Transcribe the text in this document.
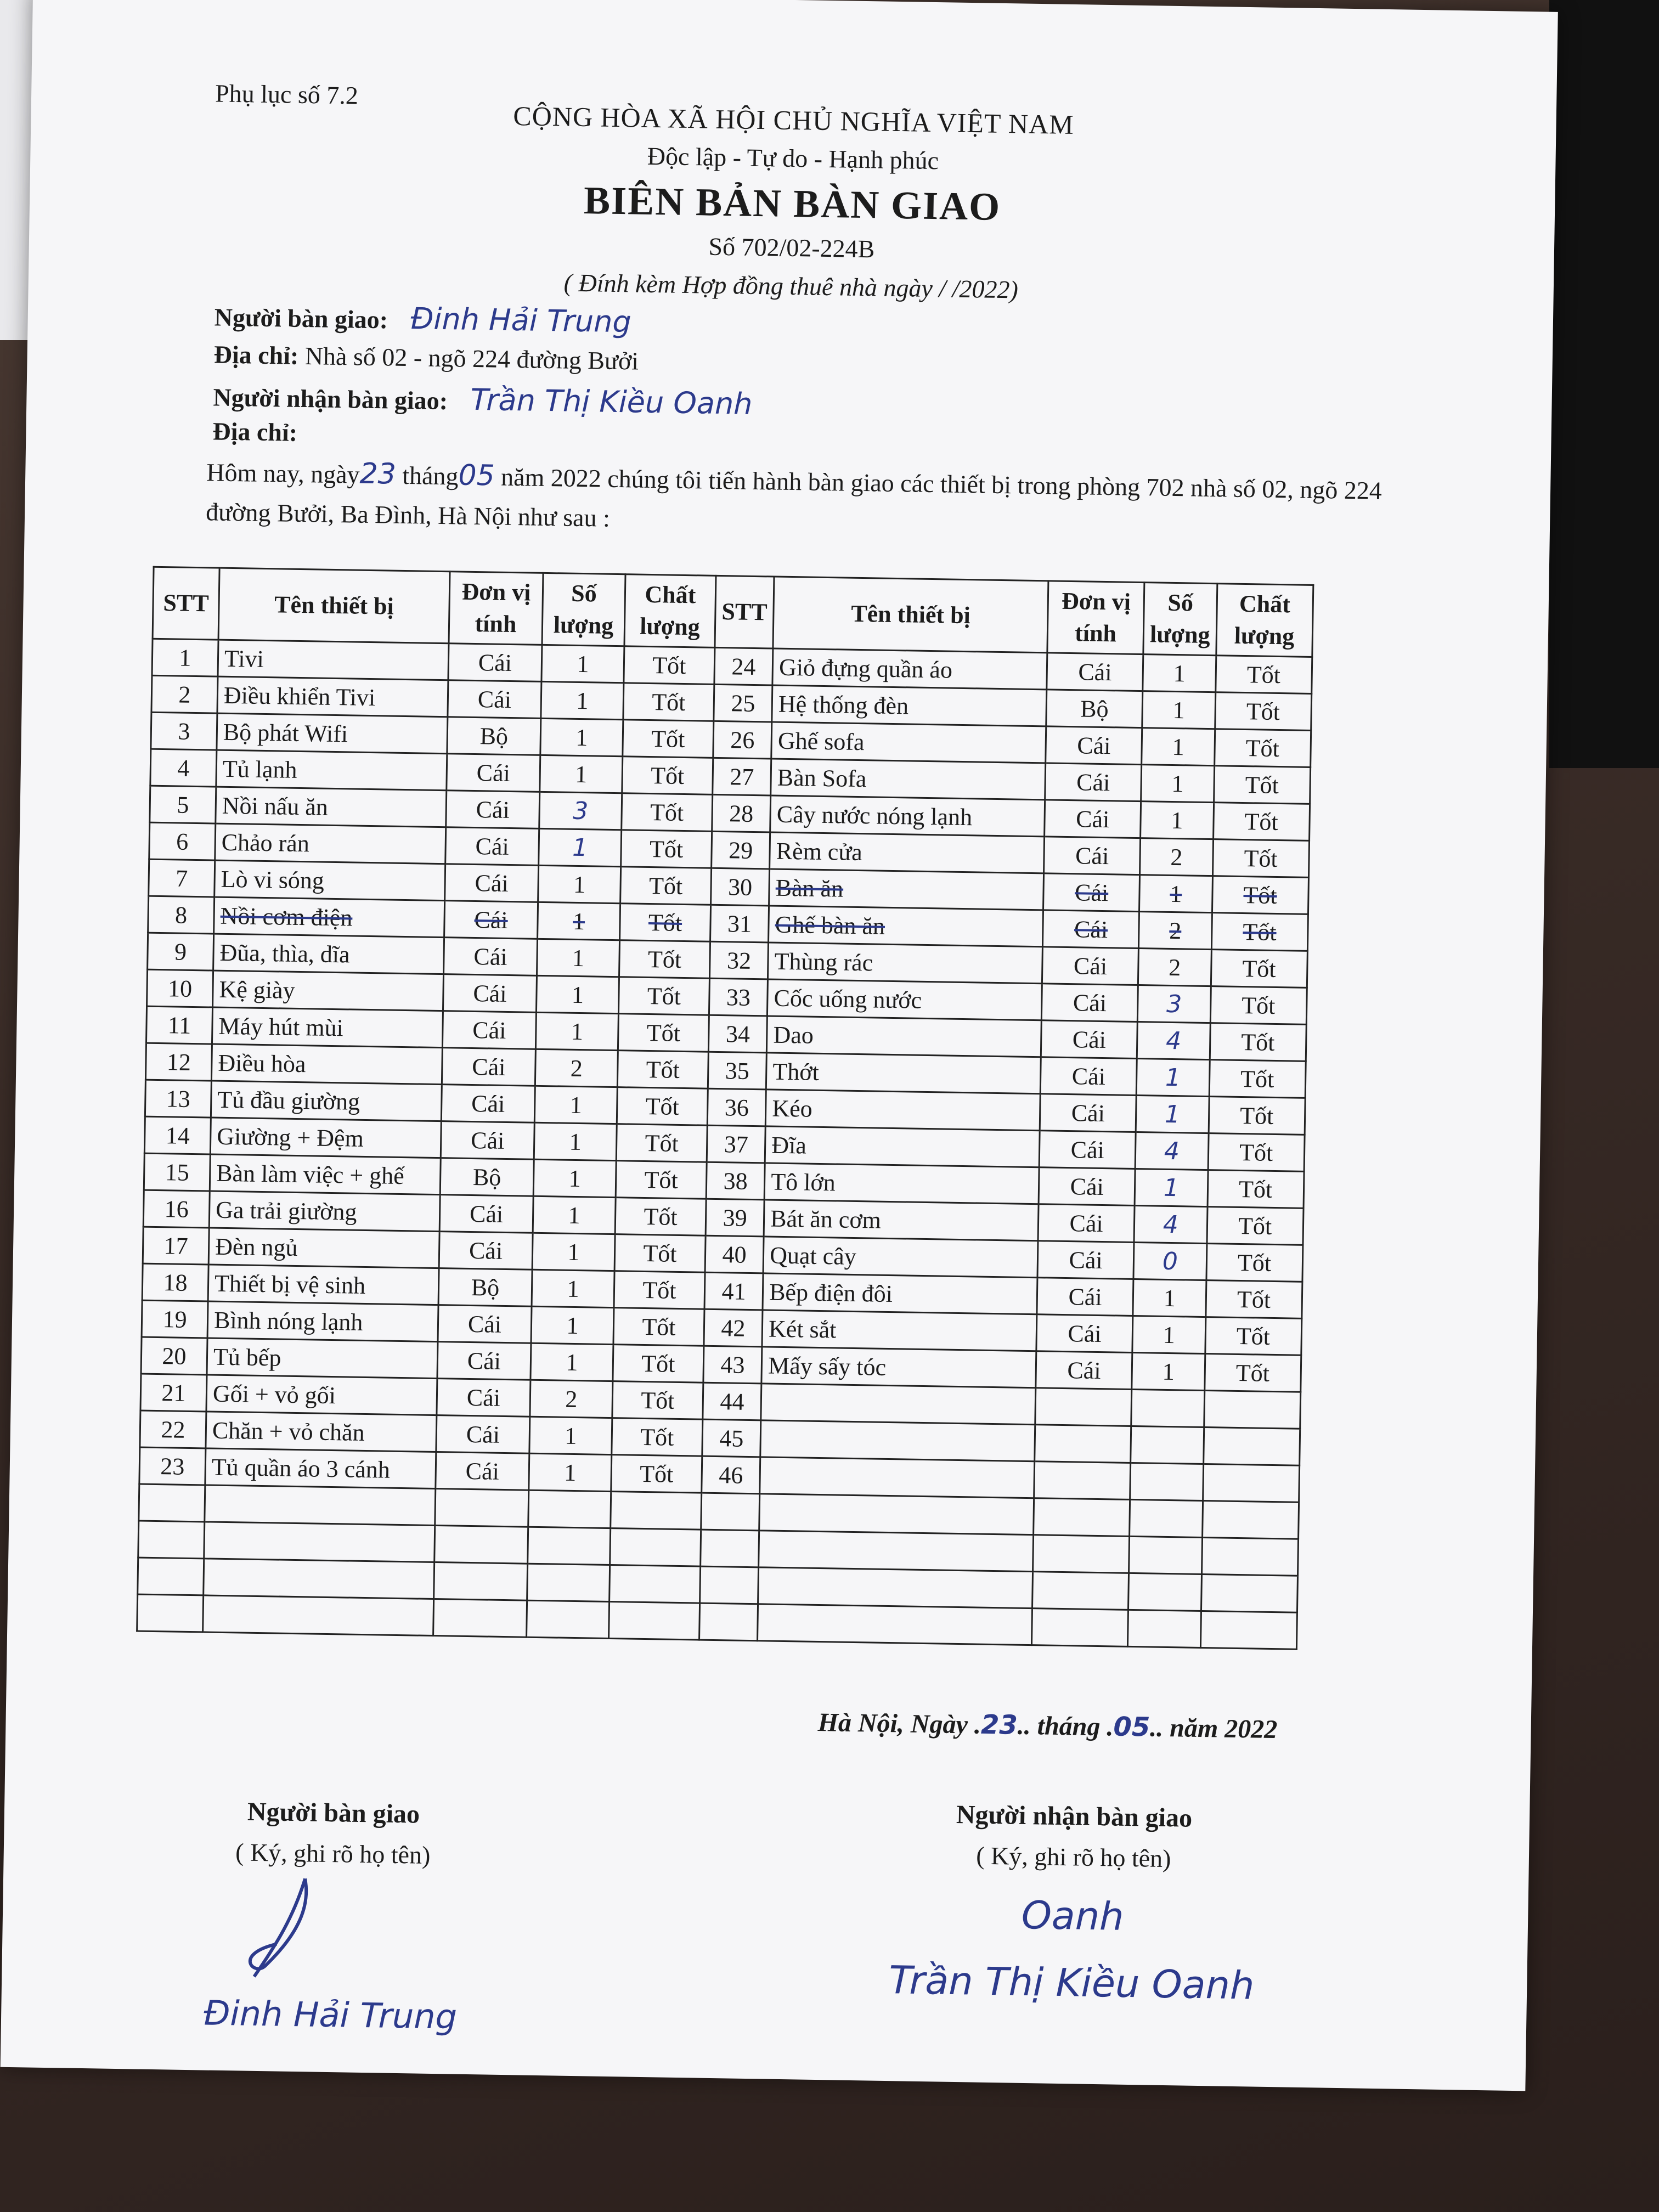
Phụ lục số 7.2
CỘNG HÒA XÃ HỘI CHỦ NGHĨA VIỆT NAM
Độc lập - Tự do - Hạnh phúc
BIÊN BẢN BÀN GIAO
Số 702/02-224B
( Đính kèm Hợp đồng thuê nhà ngày / /2022)
Người bàn giao: Đinh Hải Trung
Địa chỉ: Nhà số 02 - ngõ 224 đường Bưởi
Người nhận bàn giao: Trần Thị Kiều Oanh
Địa chỉ:
Hôm nay, ngày23 tháng05 năm 2022 chúng tôi tiến hành bàn giao các thiết bị trong phòng 702 nhà số 02, ngõ 224 đường Bưởi, Ba Đình, Hà Nội như sau :
STT	Tên thiết bị	Đơn vị tính	Số lượng	Chất lượng	STT	Tên thiết bị	Đơn vị tính	Số lượng	Chất lượng
1	Tivi	Cái	1	Tốt	24	Giỏ đựng quần áo	Cái	1	Tốt
2	Điều khiển Tivi	Cái	1	Tốt	25	Hệ thống đèn	Bộ	1	Tốt
3	Bộ phát Wifi	Bộ	1	Tốt	26	Ghế sofa	Cái	1	Tốt
4	Tủ lạnh	Cái	1	Tốt	27	Bàn Sofa	Cái	1	Tốt
5	Nồi nấu ăn	Cái	3	Tốt	28	Cây nước nóng lạnh	Cái	1	Tốt
6	Chảo rán	Cái	1	Tốt	29	Rèm cửa	Cái	2	Tốt
7	Lò vi sóng	Cái	1	Tốt	30	Bàn ăn	Cái	1	Tốt
8	Nồi cơm điện	Cái	1	Tốt	31	Ghế bàn ăn	Cái	2	Tốt
9	Đũa, thìa, dĩa	Cái	1	Tốt	32	Thùng rác	Cái	2	Tốt
10	Kệ giày	Cái	1	Tốt	33	Cốc uống nước	Cái	3	Tốt
11	Máy hút mùi	Cái	1	Tốt	34	Dao	Cái	4	Tốt
12	Điều hòa	Cái	2	Tốt	35	Thớt	Cái	1	Tốt
13	Tủ đầu giường	Cái	1	Tốt	36	Kéo	Cái	1	Tốt
14	Giường + Đệm	Cái	1	Tốt	37	Đĩa	Cái	4	Tốt
15	Bàn làm việc + ghế	Bộ	1	Tốt	38	Tô lớn	Cái	1	Tốt
16	Ga trải giường	Cái	1	Tốt	39	Bát ăn cơm	Cái	4	Tốt
17	Đèn ngủ	Cái	1	Tốt	40	Quạt cây	Cái	0	Tốt
18	Thiết bị vệ sinh	Bộ	1	Tốt	41	Bếp điện đôi	Cái	1	Tốt
19	Bình nóng lạnh	Cái	1	Tốt	42	Két sắt	Cái	1	Tốt
20	Tủ bếp	Cái	1	Tốt	43	Mấy sấy tóc	Cái	1	Tốt
21	Gối + vỏ gối	Cái	2	Tốt	44				
22	Chăn + vỏ chăn	Cái	1	Tốt	45				
23	Tủ quần áo 3 cánh	Cái	1	Tốt	46				

Hà Nội, Ngày .23.. tháng .05.. năm 2022
Người bàn giao
( Ký, ghi rõ họ tên)
Đinh Hải Trung
Người nhận bàn giao
( Ký, ghi rõ họ tên)
Oanh
Trần Thị Kiều Oanh
